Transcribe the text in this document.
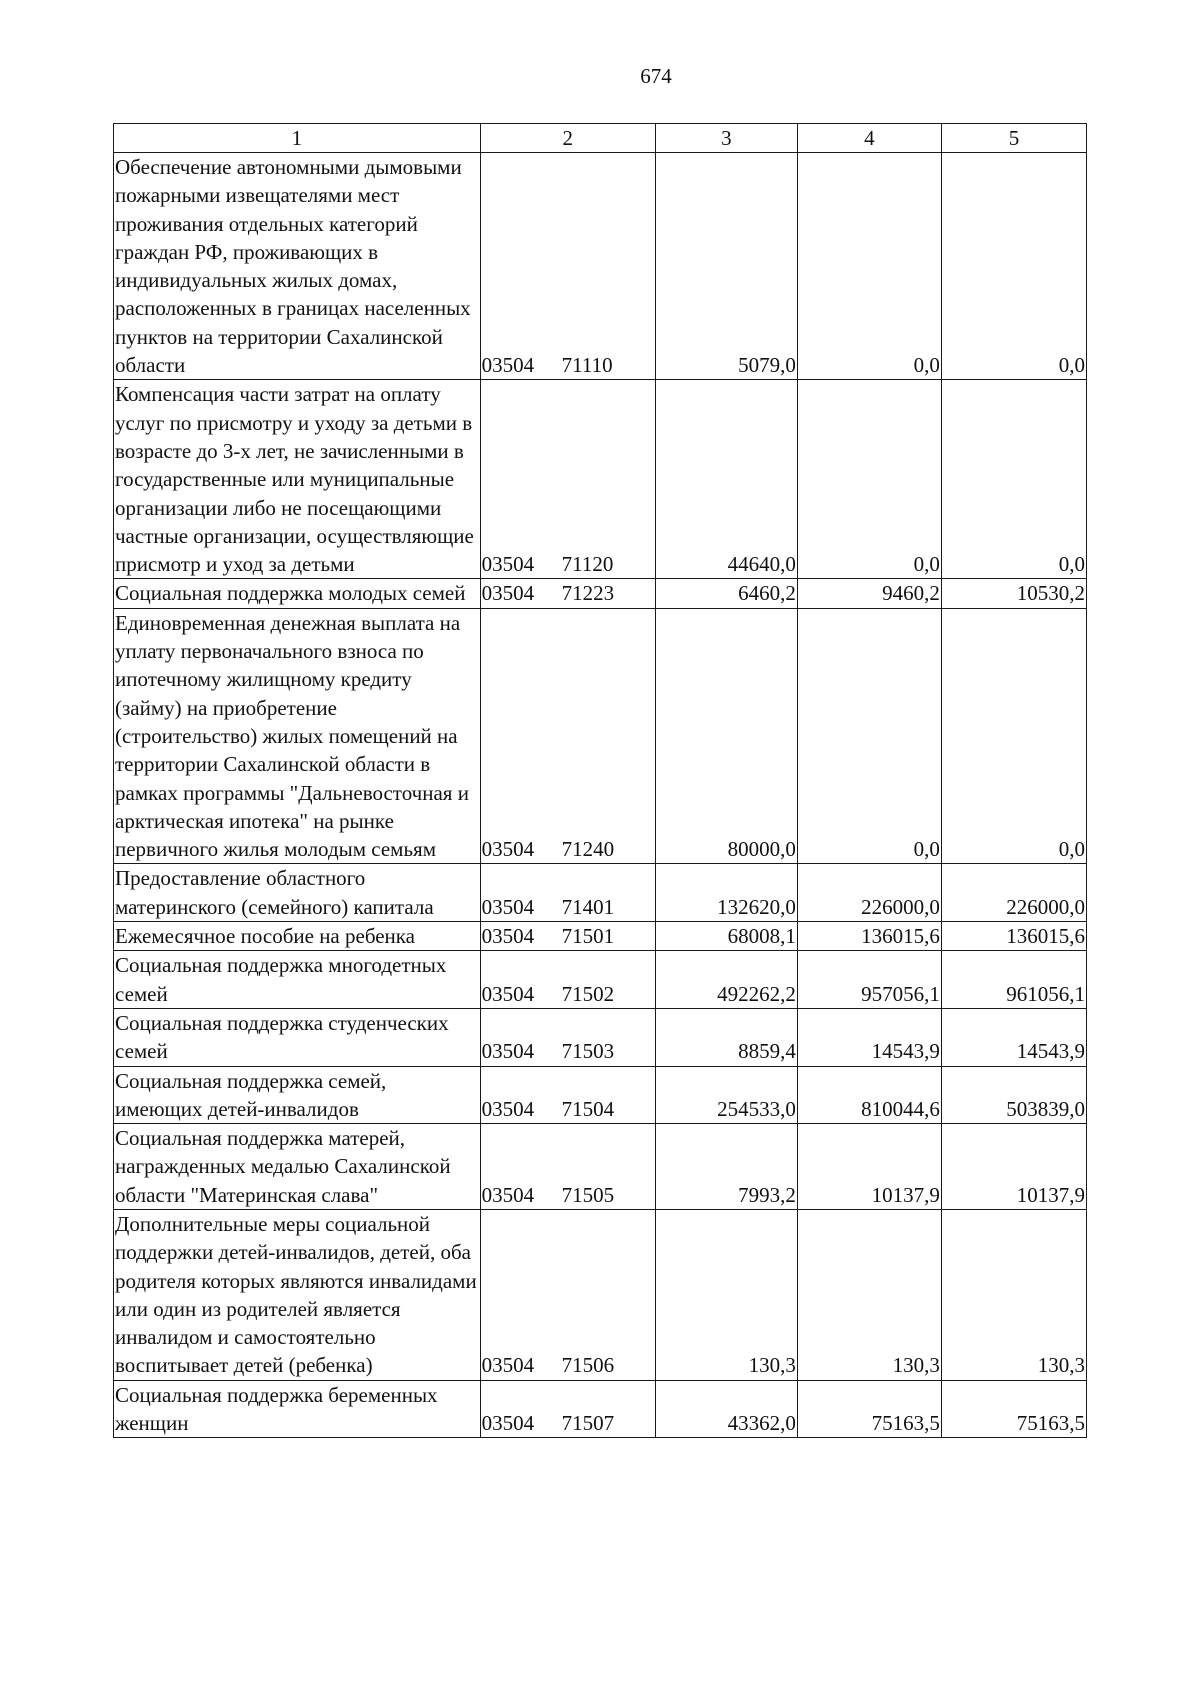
674
1	2	3	4	5
Обеспечение автономными дымовыми пожарными извещателями мест проживания отдельных категорий граждан РФ, проживающих в индивидуальных жилых домах, расположенных в границах населенных пунктов на территории Сахалинской области	03504 71110	5079,0	0,0	0,0
Компенсация части затрат на оплату услуг по присмотру и уходу за детьми в возрасте до 3-х лет, не зачисленными в государственные или муниципальные организации либо не посещающими частные организации, осуществляющие присмотр и уход за детьми	03504 71120	44640,0	0,0	0,0
Социальная поддержка молодых семей	03504 71223	6460,2	9460,2	10530,2
Единовременная денежная выплата на уплату первоначального взноса по ипотечному жилищному кредиту (займу) на приобретение (строительство) жилых помещений на территории Сахалинской области в рамках программы "Дальневосточная и арктическая ипотека" на рынке первичного жилья молодым семьям	03504 71240	80000,0	0,0	0,0
Предоставление областного материнского (семейного) капитала	03504 71401	132620,0	226000,0	226000,0
Ежемесячное пособие на ребенка	03504 71501	68008,1	136015,6	136015,6
Социальная поддержка многодетных семей	03504 71502	492262,2	957056,1	961056,1
Социальная поддержка студенческих семей	03504 71503	8859,4	14543,9	14543,9
Социальная поддержка семей, имеющих детей-инвалидов	03504 71504	254533,0	810044,6	503839,0
Социальная поддержка матерей, награжденных медалью Сахалинской области "Материнская слава"	03504 71505	7993,2	10137,9	10137,9
Дополнительные меры социальной поддержки детей-инвалидов, детей, оба родителя которых являются инвалидами или один из родителей является инвалидом и самостоятельно воспитывает детей (ребенка)	03504 71506	130,3	130,3	130,3
Социальная поддержка беременных женщин	03504 71507	43362,0	75163,5	75163,5
